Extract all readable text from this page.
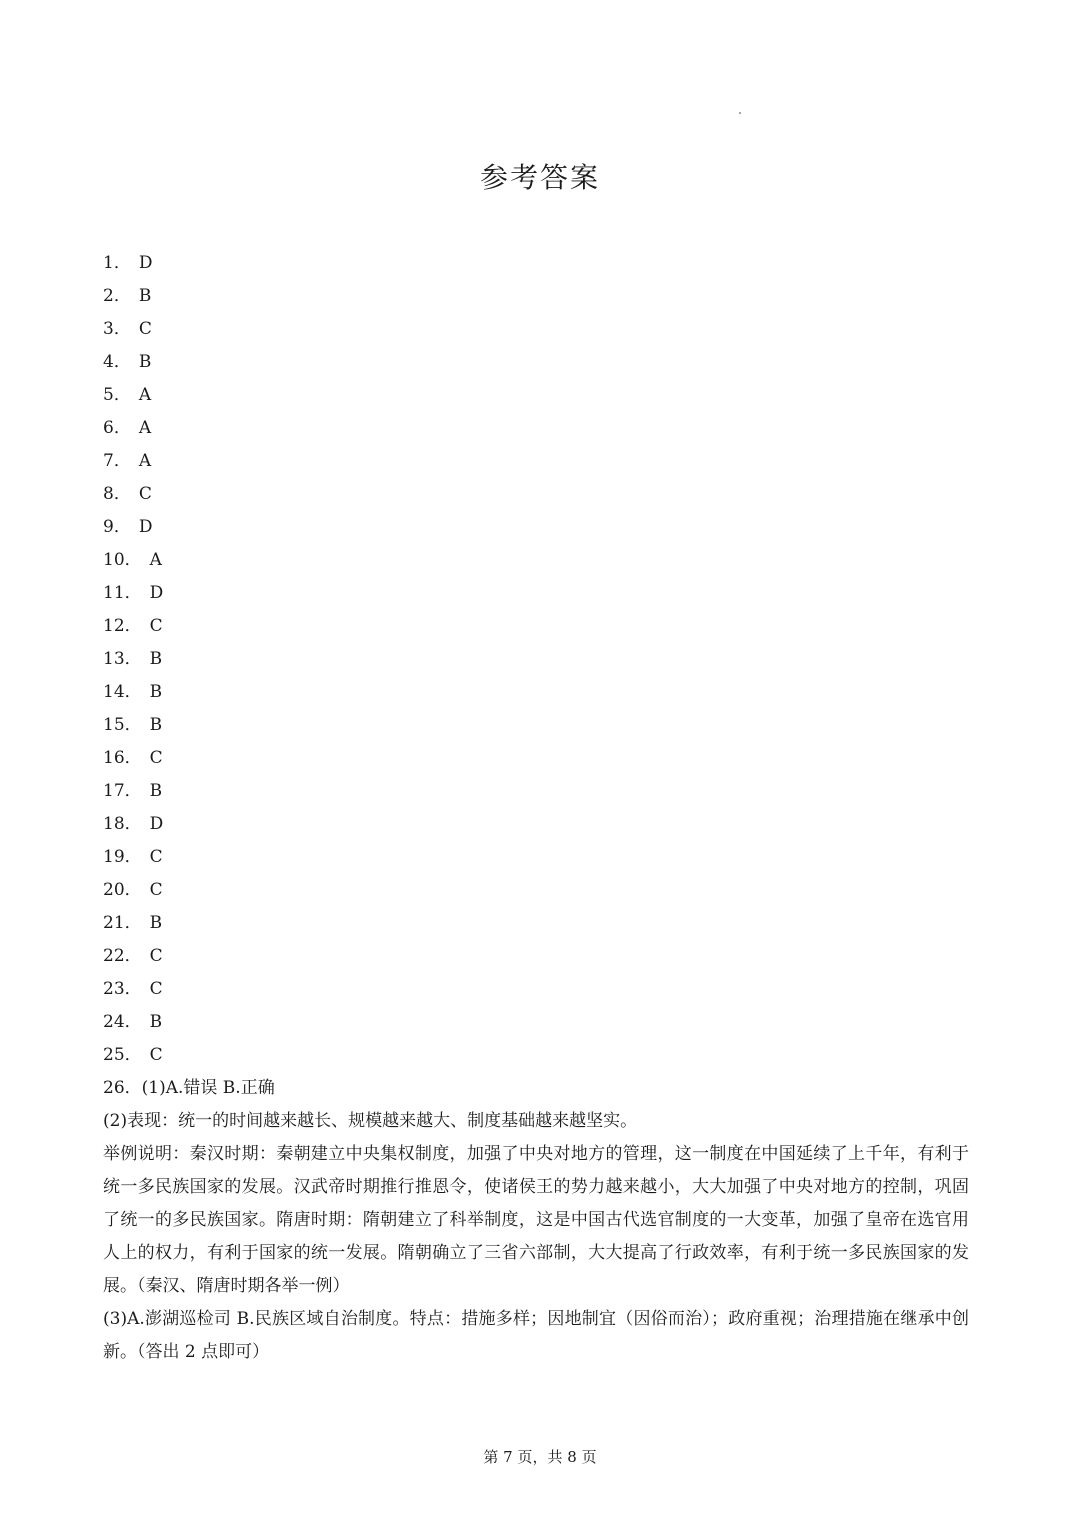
参考答案
1． D
2． B
3． C
4． B
5． A
6． A
7． A
8． C
9． D
10． A
11． D
12． C
13． B
14． B
15． B
16． C
17． B
18． D
19． C
20． C
21． B
22． C
23． C
24． B
25． C

26．(1)A.错误 B.正确

(2)表现：统一的时间越来越长、规模越来越大、制度基础越来越坚实。

举例说明：秦汉时期：秦朝建立中央集权制度，加强了中央对地方的管理，这一制度在中国延续了上千年，有利于统一多民族国家的发展。汉武帝时期推行推恩令，使诸侯王的势力越来越小，大大加强了中央对地方的控制，巩固了统一的多民族国家。隋唐时期：隋朝建立了科举制度，这是中国古代选官制度的一大变革，加强了皇帝在选官用人上的权力，有利于国家的统一发展。隋朝确立了三省六部制，大大提高了行政效率，有利于统一多民族国家的发展。（秦汉、隋唐时期各举一例）

(3)A.澎湖巡检司 B.民族区域自治制度。特点：措施多样；因地制宜（因俗而治）；政府重视；治理措施在继承中创新。（答出 2 点即可）

第 7 页，共 8 页
